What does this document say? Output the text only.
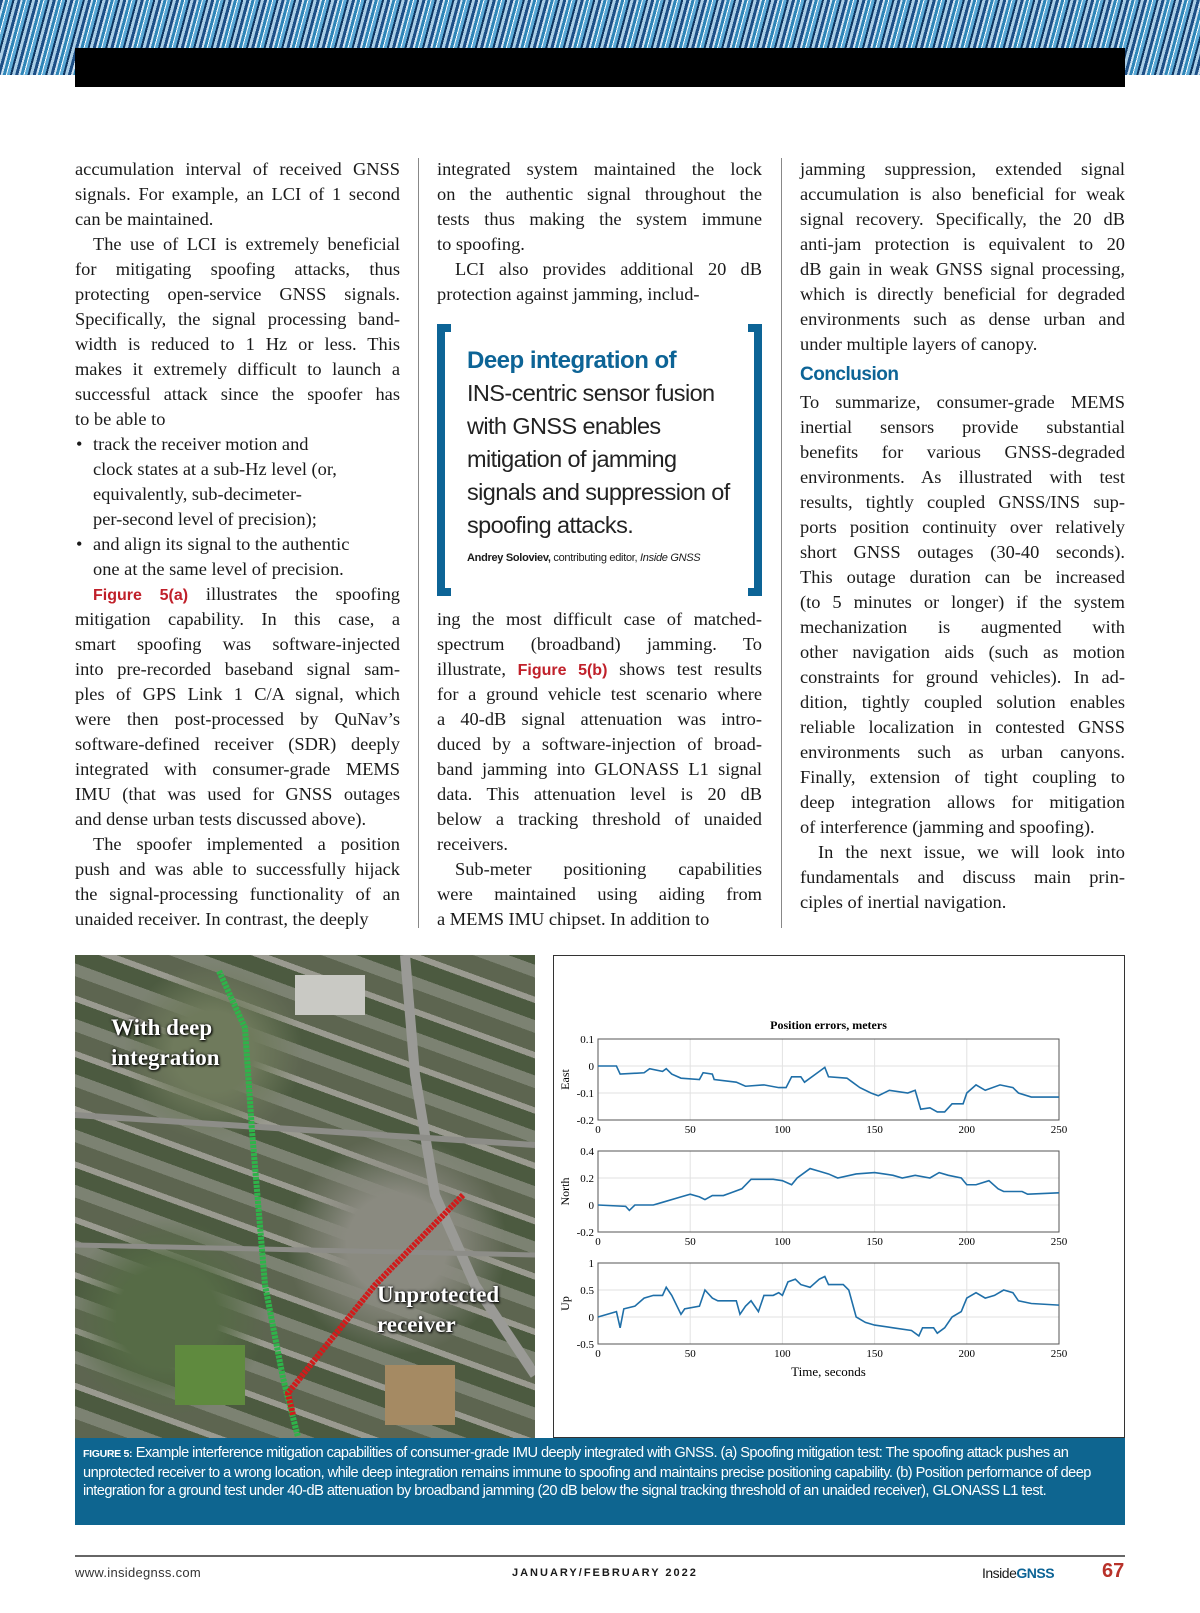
accumulation interval of received GNSS
signals. For example, an LCI of 1 second
can be maintained.
The use of LCI is extremely beneficial
for mitigating spoofing attacks, thus
protecting open-service GNSS signals.
Specifically, the signal processing band-
width is reduced to 1 Hz or less. This
makes it extremely difficult to launch a
successful attack since the spoofer has
to be able to
• track the receiver motion and
clock states at a sub-Hz level (or,
equivalently, sub-decimeter-
per-second level of precision);
• and align its signal to the authentic
one at the same level of precision.
Figure 5(a) illustrates the spoofing
mitigation capability. In this case, a
smart spoofing was software-injected
into pre-recorded baseband signal sam-
ples of GPS Link 1 C/A signal, which
were then post-processed by QuNav’s
software-defined receiver (SDR) deeply
integrated with consumer-grade MEMS
IMU (that was used for GNSS outages
and dense urban tests discussed above).
The spoofer implemented a position
push and was able to successfully hijack
the signal-processing functionality of an
unaided receiver. In contrast, the deeply
integrated system maintained the lock
on the authentic signal throughout the
tests thus making the system immune
to spoofing.
LCI also provides additional 20 dB
protection against jamming, includ-
ing the most difficult case of matched-
spectrum (broadband) jamming. To
illustrate, Figure 5(b) shows test results
for a ground vehicle test scenario where
a 40-dB signal attenuation was intro-
duced by a software-injection of broad-
band jamming into GLONASS L1 signal
data. This attenuation level is 20 dB
below a tracking threshold of unaided
receivers.
Sub-meter positioning capabilities
were maintained using aiding from
a MEMS IMU chipset. In addition to
jamming suppression, extended signal
accumulation is also beneficial for weak
signal recovery. Specifically, the 20 dB
anti-jam protection is equivalent to 20
dB gain in weak GNSS signal processing,
which is directly beneficial for degraded
environments such as dense urban and
under multiple layers of canopy.
Conclusion
To summarize, consumer-grade MEMS
inertial sensors provide substantial
benefits for various GNSS-degraded
environments. As illustrated with test
results, tightly coupled GNSS/INS sup-
ports position continuity over relatively
short GNSS outages (30-40 seconds).
This outage duration can be increased
(to 5 minutes or longer) if the system
mechanization is augmented with
other navigation aids (such as motion
constraints for ground vehicles). In ad-
dition, tightly coupled solution enables
reliable localization in contested GNSS
environments such as urban canyons.
Finally, extension of tight coupling to
deep integration allows for mitigation
of interference (jamming and spoofing).
In the next issue, we will look into
fundamentals and discuss main prin-
ciples of inertial navigation.
With deep integration
Unprotected receiver
Position errors, meters
0	50	100	150	200	250
0.1
0
-0.1
-0.2
East
0	50	100	150	200	250
0.4
0.2
0
-0.2
North
0	50	100	150	200	250
1
0.5
0
-0.5
Up
Time, seconds
FIGURE 5: Example interference mitigation capabilities of consumer-grade IMU deeply integrated with GNSS. (a) Spoofing mitigation test: The spoofing attack pushes an unprotected receiver to a wrong location, while deep integration remains immune to spoofing and maintains precise positioning capability. (b) Position performance of deep integration for a ground test under 40-dB attenuation by broadband jamming (20 dB below the signal tracking threshold of an unaided receiver), GLONASS L1 test.
www.insidegnss.com	JANUARY/FEBRUARY 2022	InsideGNSS 67
Deep integration of
INS-centric sensor fusion with GNSS enables mitigation of jamming signals and suppression of spoofing attacks.
Andrey Soloviev, contributing editor, Inside GNSS
